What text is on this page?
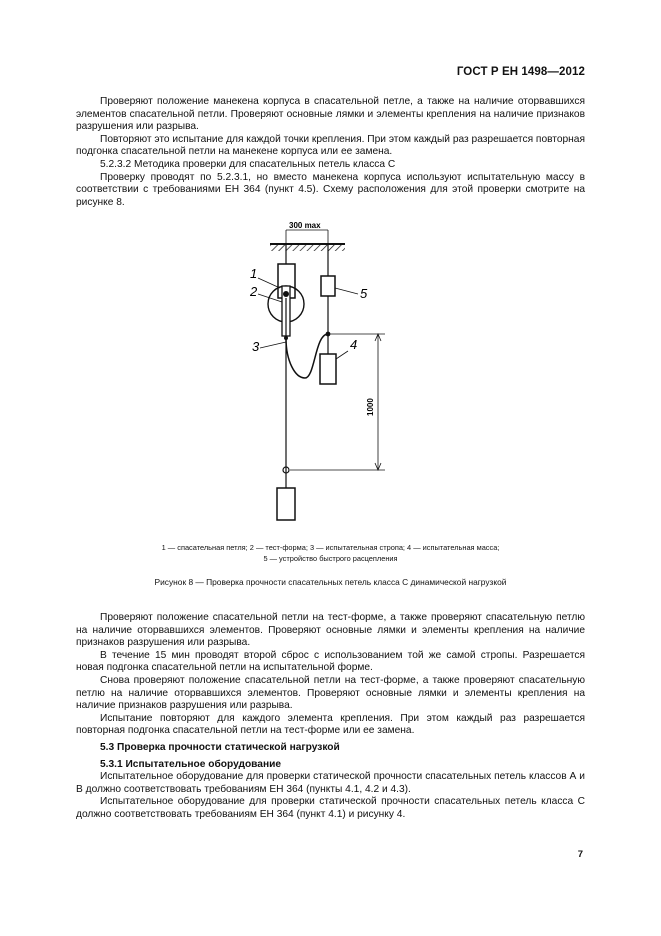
ГОСТ Р ЕН 1498—2012

Проверяют положение манекена корпуса в спасательной петле, а также на наличие оторвавшихся элементов спасательной петли. Проверяют основные лямки и элементы крепления на наличие признаков разрушения или разрыва.

Повторяют это испытание для каждой точки крепления. При этом каждый раз разрешается повторная подгонка спасательной петли на манекене корпуса или ее замена.

5.2.3.2 Методика проверки для спасательных петель класса С

Проверку проводят по 5.2.3.1, но вместо манекена корпуса используют испытательную массу в соответствии с требованиями ЕН 364 (пункт 4.5). Схему расположения для этой проверки смотрите на рисунке 8.

300 max
1000
1
2
3	4
5
1 — спасательная петля; 2 — тест-форма; 3 — испытательная стропа; 4 — испытательная масса;
5 — устройство быстрого расцепления
Рисунок 8 — Проверка прочности спасательных петель класса С динамической нагрузкой

Проверяют положение спасательной петли на тест-форме, а также проверяют спасательную петлю на наличие оторвавшихся элементов. Проверяют основные лямки и элементы крепления на наличие признаков разрушения или разрыва.

В течение 15 мин проводят второй сброс с использованием той же самой стропы. Разрешается новая подгонка спасательной петли на испытательной форме.

Снова проверяют положение спасательной петли на тест-форме, а также проверяют спасательную петлю на наличие оторвавшихся элементов. Проверяют основные лямки и элементы крепления на наличие признаков разрушения или разрыва.

Испытание повторяют для каждого элемента крепления. При этом каждый раз разрешается повторная подгонка спасательной петли на тест-форме или ее замена.

5.3 Проверка прочности статической нагрузкой

5.3.1 Испытательное оборудование

Испытательное оборудование для проверки статической прочности спасательных петель классов А и В должно соответствовать требованиям ЕН 364 (пункты 4.1, 4.2 и 4.3).

Испытательное оборудование для проверки статической прочности спасательных петель класса С должно соответствовать требованиям ЕН 364 (пункт 4.1) и рисунку 4.

7
